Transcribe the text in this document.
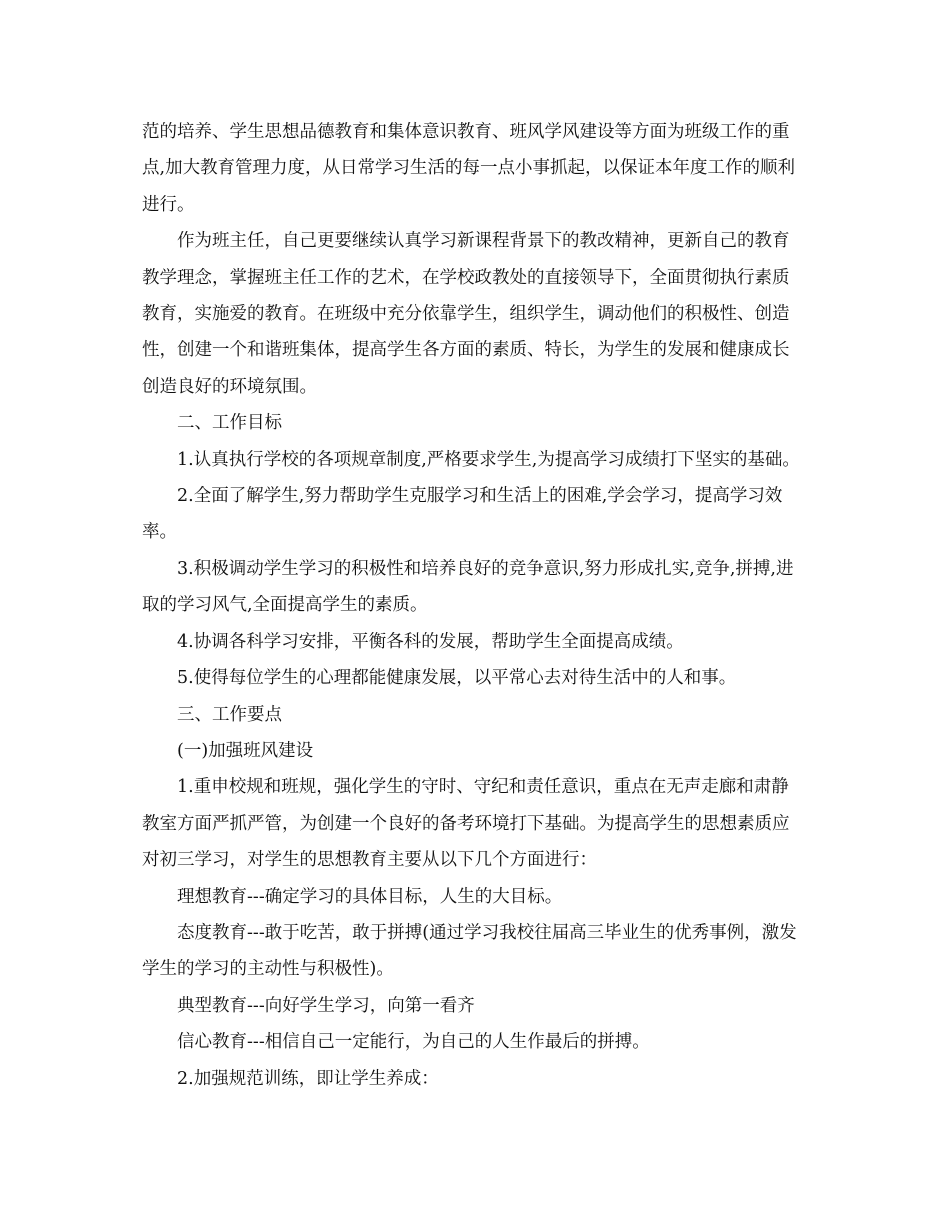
范的培养、学生思想品德教育和集体意识教育、班风学风建设等方面为班级工作的重点,加大教育管理力度，从日常学习生活的每一点小事抓起，以保证本年度工作的顺利进行。

作为班主任，自己更要继续认真学习新课程背景下的教改精神，更新自己的教育教学理念，掌握班主任工作的艺术，在学校政教处的直接领导下，全面贯彻执行素质教育，实施爱的教育。在班级中充分依靠学生，组织学生，调动他们的积极性、创造性，创建一个和谐班集体，提高学生各方面的素质、特长，为学生的发展和健康成长创造良好的环境氛围。

二、工作目标

1.认真执行学校的各项规章制度,严格要求学生,为提高学习成绩打下坚实的基础。

2.全面了解学生,努力帮助学生克服学习和生活上的困难,学会学习，提高学习效率。

3.积极调动学生学习的积极性和培养良好的竞争意识,努力形成扎实,竞争,拼搏,进取的学习风气,全面提高学生的素质。

4.协调各科学习安排，平衡各科的发展，帮助学生全面提高成绩。

5.使得每位学生的心理都能健康发展，以平常心去对待生活中的人和事。

三、工作要点

(一)加强班风建设

1.重申校规和班规，强化学生的守时、守纪和责任意识，重点在无声走廊和肃静教室方面严抓严管，为创建一个良好的备考环境打下基础。为提高学生的思想素质应对初三学习，对学生的思想教育主要从以下几个方面进行：

理想教育---确定学习的具体目标，人生的大目标。

态度教育---敢于吃苦，敢于拼搏(通过学习我校往届高三毕业生的优秀事例，激发学生的学习的主动性与积极性)。

典型教育---向好学生学习，向第一看齐

信心教育---相信自己一定能行，为自己的人生作最后的拼搏。

2.加强规范训练，即让学生养成：
